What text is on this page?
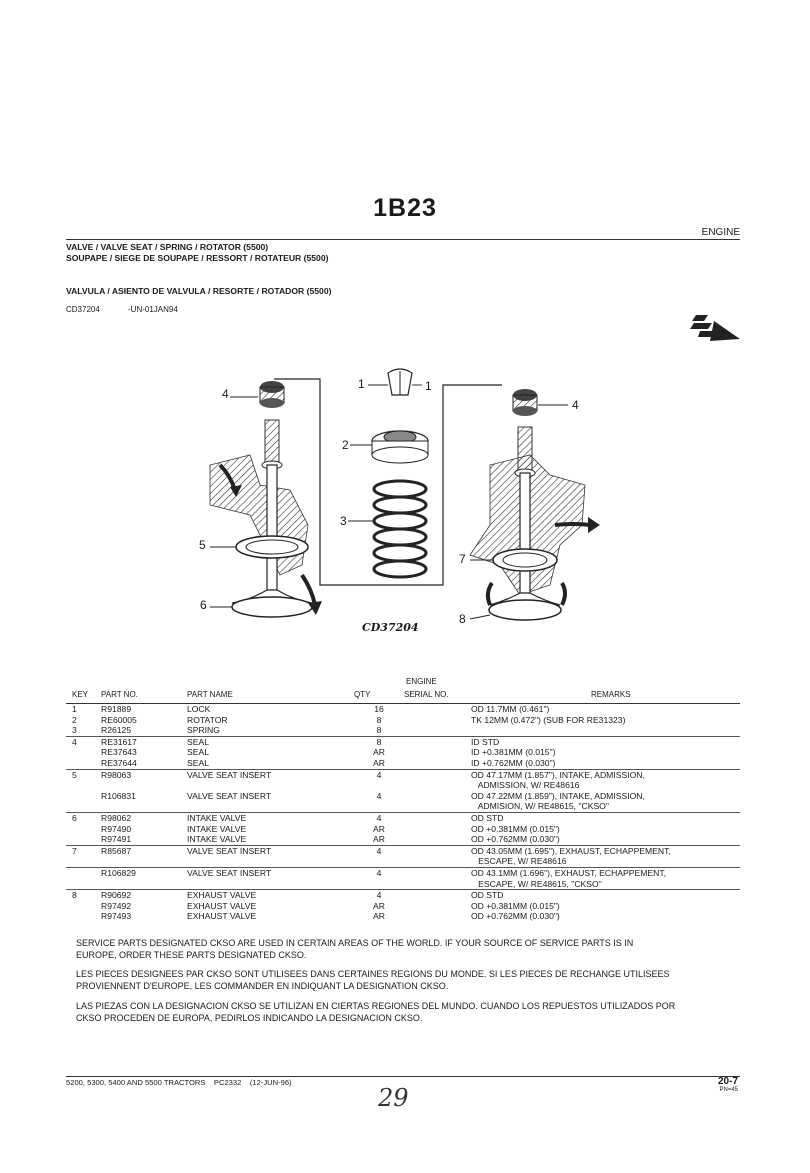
1B23
ENGINE
VALVE / VALVE SEAT / SPRING / ROTATOR (5500)
SOUPAPE / SIEGE DE SOUPAPE / RESSORT / ROTATEUR (5500)
VALVULA / ASIENTO DE VALVULA / RESORTE / ROTADOR (5500)
CD37204	-UN-01JAN94
4
1	1
2
3
4
5
6
7
8
CD37204
ENGINE
KEY	PART NO.	PART NAME	QTY	SERIAL NO.	REMARKS
1	R91889	LOCK	16		OD 11.7MM (0.461")
2	RE60005	ROTATOR	8		TK 12MM (0.472") (SUB FOR RE31323)
3	R26125	SPRING	8		
4	RE31617	SEAL	8		ID STD
	RE37643	SEAL	AR		ID +0.381MM (0.015")
	RE37644	SEAL	AR		ID +0.762MM (0.030")
5	R98063	VALVE SEAT INSERT	4		OD 47.17MM (1.857"), INTAKE, ADMISSION,
					ADMISSION, W/ RE48616
	R106831	VALVE SEAT INSERT	4		OD 47.22MM (1.859"), INTAKE, ADMISSION,
					ADMISION, W/ RE48615, "CKSO"
6	R98062	INTAKE VALVE	4		OD STD
	R97490	INTAKE VALVE	AR		OD +0.381MM (0.015")
	R97491	INTAKE VALVE	AR		OD +0.762MM (0.030")
7	R85687	VALVE SEAT INSERT	4		OD 43.05MM (1.695"), EXHAUST, ECHAPPEMENT,
					ESCAPE, W/ RE48616
	R106829	VALVE SEAT INSERT	4		OD 43.1MM (1.696"), EXHAUST, ECHAPPEMENT,
					ESCAPE, W/ RE48615, "CKSO"
8	R90692	EXHAUST VALVE	4		OD STD
	R97492	EXHAUST VALVE	AR		OD +0.381MM (0.015")
	R97493	EXHAUST VALVE	AR		OD +0.762MM (0.030")
SERVICE PARTS DESIGNATED CKSO ARE USED IN CERTAIN AREAS OF THE WORLD. IF YOUR SOURCE OF SERVICE PARTS IS IN EUROPE, ORDER THESE PARTS DESIGNATED CKSO.
LES PIECES DESIGNEES PAR CKSO SONT UTILISEES DANS CERTAINES REGIONS DU MONDE. SI LES PIECES DE RECHANGE UTILISEES PROVIENNENT D'EUROPE, LES COMMANDER EN INDIQUANT LA DESIGNATION CKSO.
LAS PIEZAS CON LA DESIGNACION CKSO SE UTILIZAN EN CIERTAS REGIONES DEL MUNDO. CUANDO LOS REPUESTOS UTILIZADOS POR CKSO PROCEDEN DE EUROPA, PEDIRLOS INDICANDO LA DESIGNACION CKSO.
5200, 5300, 5400 AND 5500 TRACTORS PC2332 (12-JUN-96)	20-7
PN=45
29
